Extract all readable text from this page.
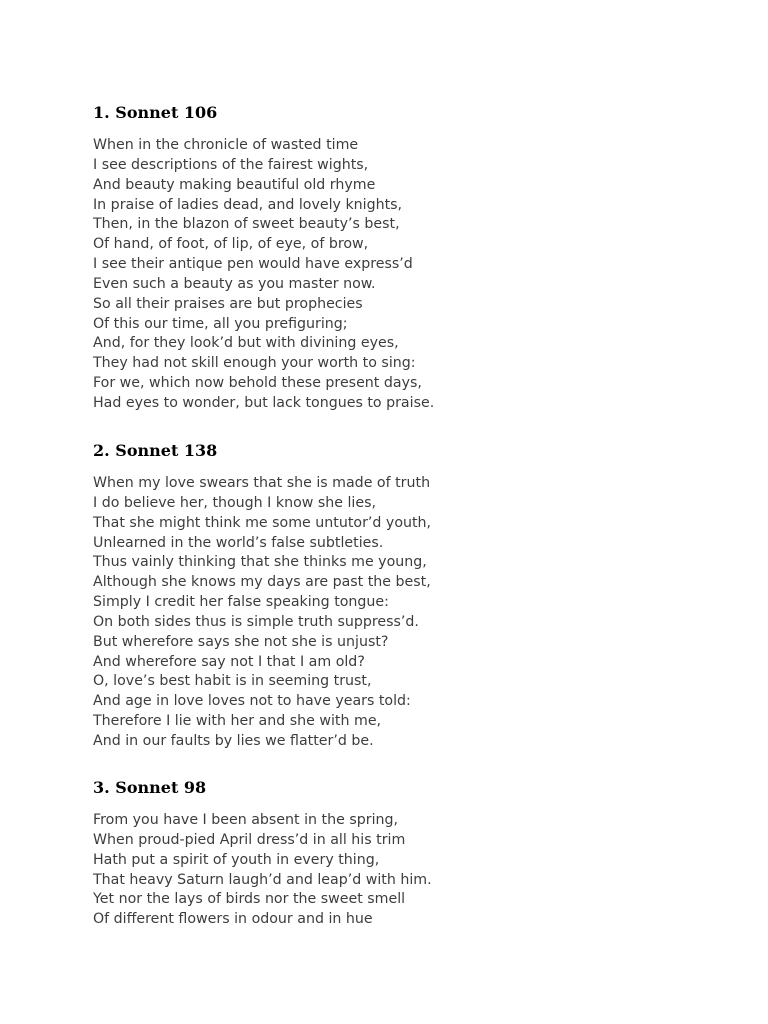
1. Sonnet 106
When in the chronicle of wasted time
I see descriptions of the fairest wights,
And beauty making beautiful old rhyme
In praise of ladies dead, and lovely knights,
Then, in the blazon of sweet beauty’s best,
Of hand, of foot, of lip, of eye, of brow,
I see their antique pen would have express’d
Even such a beauty as you master now.
So all their praises are but prophecies
Of this our time, all you prefiguring;
And, for they look’d but with divining eyes,
They had not skill enough your worth to sing:
For we, which now behold these present days,
Had eyes to wonder, but lack tongues to praise.
2. Sonnet 138
When my love swears that she is made of truth
I do believe her, though I know she lies,
That she might think me some untutor’d youth,
Unlearned in the world’s false subtleties.
Thus vainly thinking that she thinks me young,
Although she knows my days are past the best,
Simply I credit her false speaking tongue:
On both sides thus is simple truth suppress’d.
But wherefore says she not she is unjust?
And wherefore say not I that I am old?
O, love’s best habit is in seeming trust,
And age in love loves not to have years told:
Therefore I lie with her and she with me,
And in our faults by lies we flatter’d be.
3. Sonnet 98
From you have I been absent in the spring,
When proud-pied April dress’d in all his trim
Hath put a spirit of youth in every thing,
That heavy Saturn laugh’d and leap’d with him.
Yet nor the lays of birds nor the sweet smell
Of different flowers in odour and in hue
